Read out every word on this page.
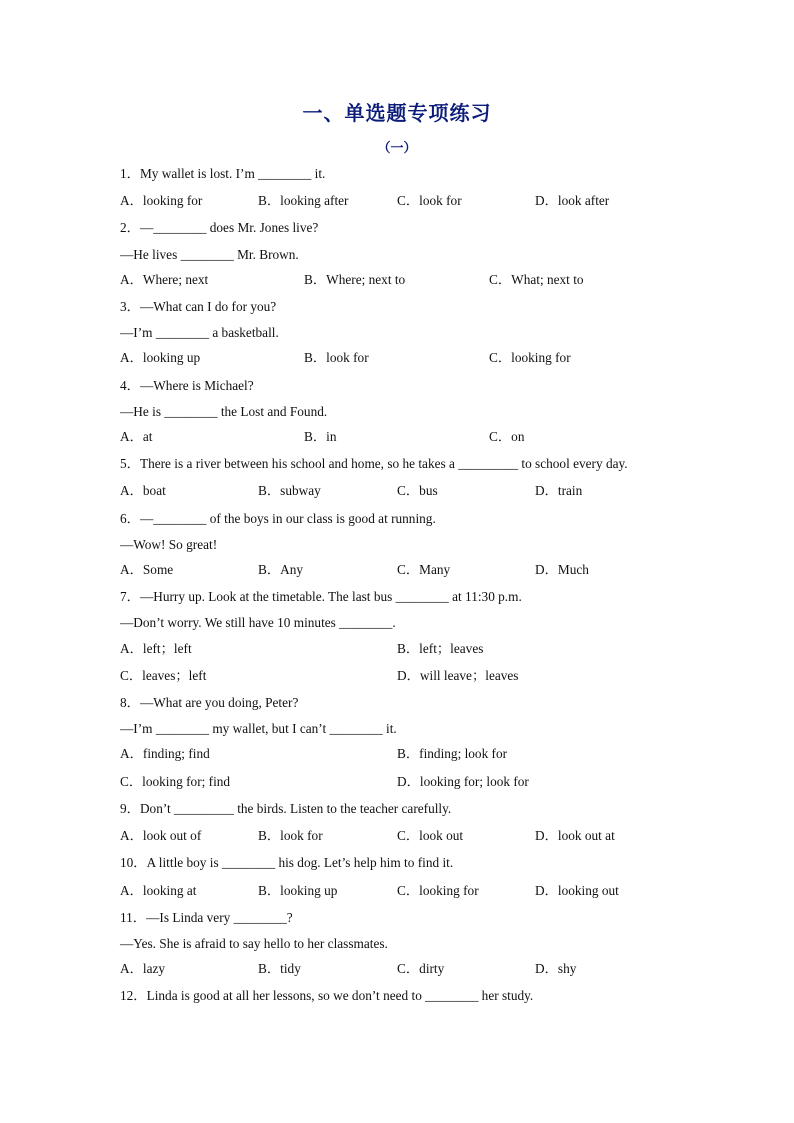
一、单选题专项练习
（一）
1．My wallet is lost. I’m ________ it.
A．looking for	B．looking after	C．look for	D．look after
2．—________ does Mr. Jones live?
—He lives ________ Mr. Brown.
A．Where; next	B．Where; next to	C．What; next to
3．—What can I do for you?
—I’m ________ a basketball.
A．looking up	B．look for	C．looking for
4．—Where is Michael?
—He is ________ the Lost and Found.
A．at	B．in	C．on
5．There is a river between his school and home, so he takes a _________ to school every day.
A．boat	B．subway	C．bus	D．train
6．—________ of the boys in our class is good at running.
—Wow! So great!
A．Some	B．Any	C．Many	D．Much
7．—Hurry up. Look at the timetable. The last bus ________ at 11:30 p.m.
—Don’t worry. We still have 10 minutes ________.
A．left；left	B．left；leaves
C．leaves；left	D．will leave；leaves
8．—What are you doing, Peter?
—I’m ________ my wallet, but I can’t ________ it.
A．finding; find	B．finding; look for
C．looking for; find	D．looking for; look for
9．Don’t _________ the birds. Listen to the teacher carefully.
A．look out of	B．look for	C．look out	D．look out at
10．A little boy is ________ his dog. Let’s help him to find it.
A．looking at	B．looking up	C．looking for	D．looking out
11．—Is Linda very ________?
—Yes. She is afraid to say hello to her classmates.
A．lazy	B．tidy	C．dirty	D．shy
12．Linda is good at all her lessons, so we don’t need to ________ her study.
